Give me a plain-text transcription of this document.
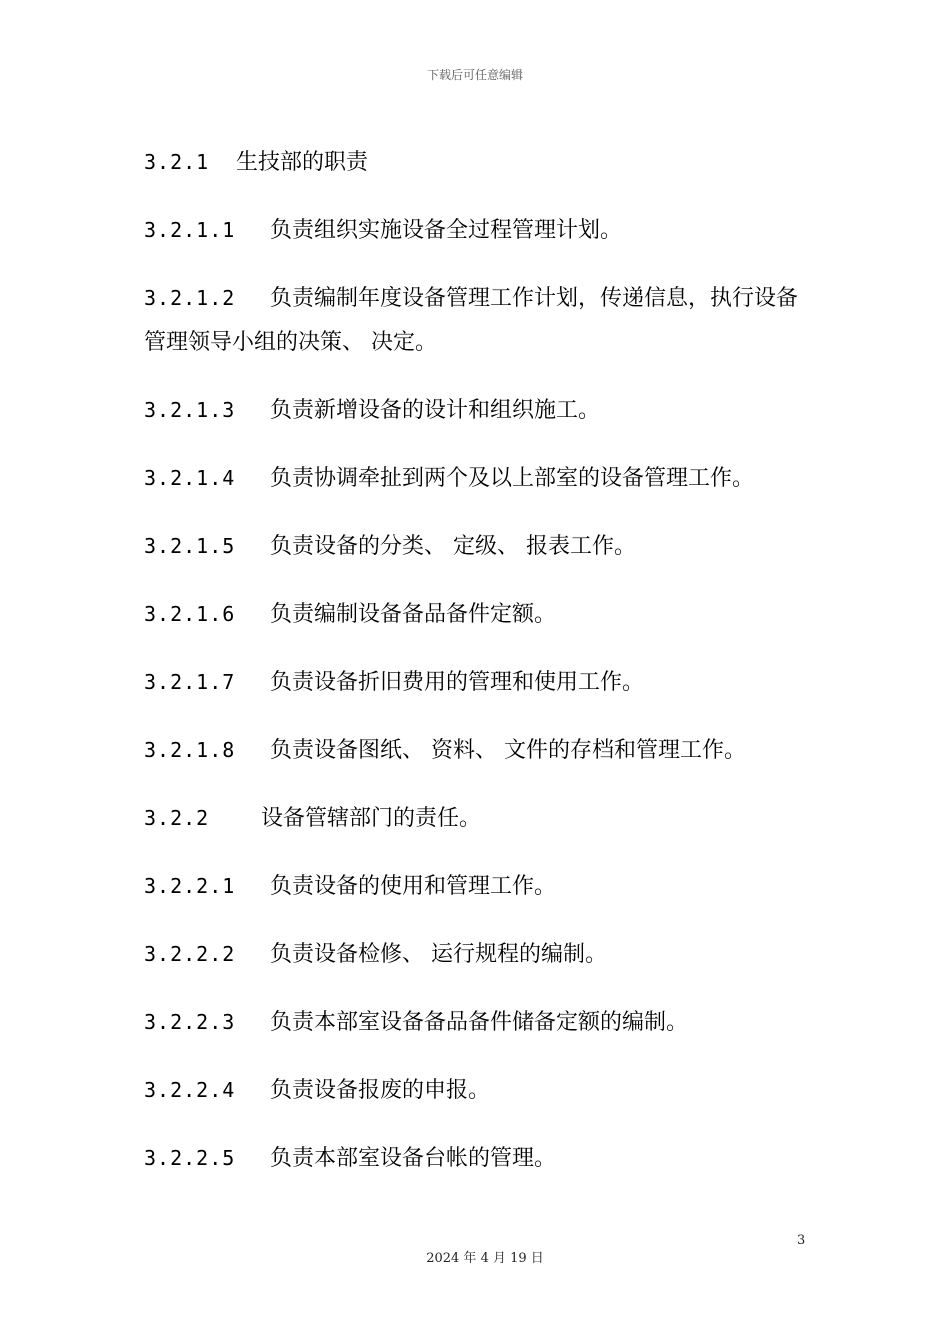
下载后可任意编辑

3.2.1 生技部的职责

3.2.1.1 负责组织实施设备全过程管理计划。

3.2.1.2 负责编制年度设备管理工作计划，传递信息，执行设备管理领导小组的决策、 决定。

3.2.1.3 负责新增设备的设计和组织施工。

3.2.1.4 负责协调牵扯到两个及以上部室的设备管理工作。

3.2.1.5 负责设备的分类、 定级、 报表工作。

3.2.1.6 负责编制设备备品备件定额。

3.2.1.7 负责设备折旧费用的管理和使用工作。

3.2.1.8 负责设备图纸、 资料、 文件的存档和管理工作。

3.2.2 设备管辖部门的责任。

3.2.2.1 负责设备的使用和管理工作。

3.2.2.2 负责设备检修、 运行规程的编制。

3.2.2.3 负责本部室设备备品备件储备定额的编制。

3.2.2.4 负责设备报废的申报。

3.2.2.5 负责本部室设备台帐的管理。

3
2024 年 4 月 19 日
